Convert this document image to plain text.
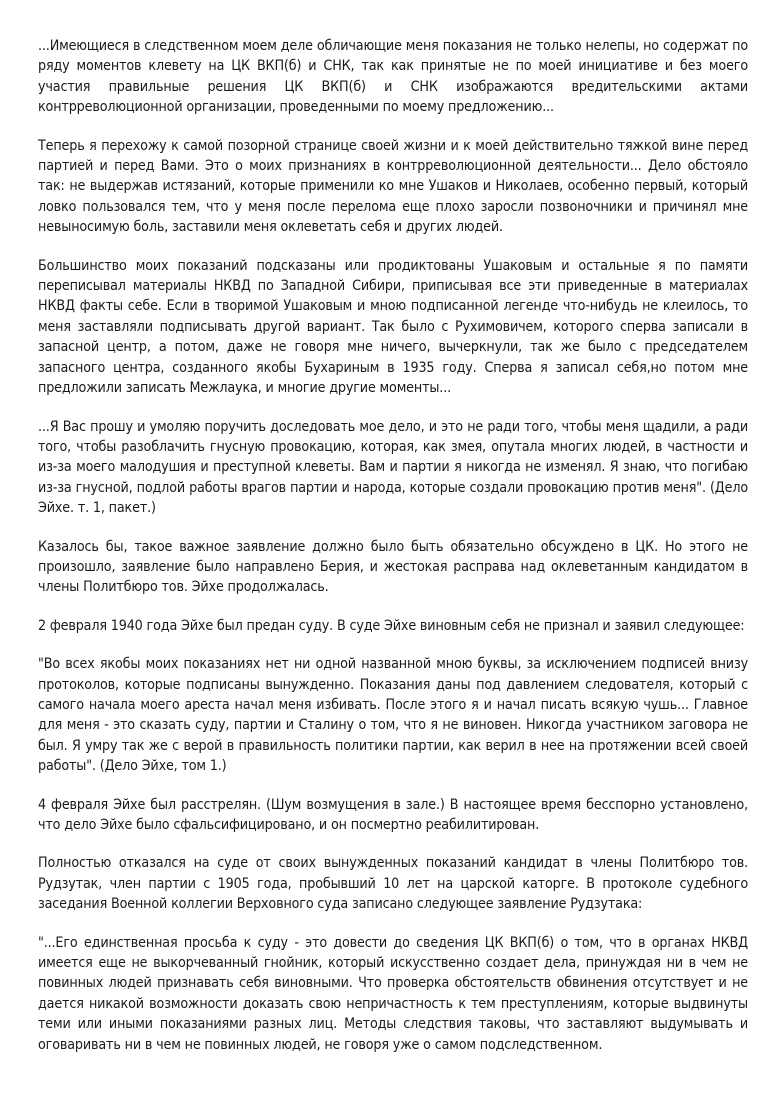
...Имеющиеся в следственном моем деле обличающие меня показания не только нелепы, но содержат по ряду моментов клевету на ЦК ВКП(б) и СНК, так как принятые не по моей инициативе и без моего участия правильные решения ЦК ВКП(б) и СНК изображаются вредительскими актами контрреволюционной организации, проведенными по моему предложению...

Теперь я перехожу к самой позорной странице своей жизни и к моей действительно тяжкой вине перед партией и перед Вами. Это о моих признаниях в контрреволюционной деятельности... Дело обстояло так: не выдержав истязаний, которые применили ко мне Ушаков и Николаев, особенно первый, который ловко пользовался тем, что у меня после перелома еще плохо заросли позвоночники и причинял мне невыносимую боль, заставили меня оклеветать себя и других людей.

Большинство моих показаний подсказаны или продиктованы Ушаковым и остальные я по памяти переписывал материалы НКВД по Западной Сибири, приписывая все эти приведенные в материалах НКВД факты себе. Если в творимой Ушаковым и мною подписанной легенде что-нибудь не клеилось, то меня заставляли подписывать другой вариант. Так было с Рухимовичем, которого сперва записали в запасной центр, а потом, даже не говоря мне ничего, вычеркнули, так же было с председателем запасного центра, созданного якобы Бухариным в 1935 году. Сперва я записал себя,но потом мне предложили записать Межлаука, и многие другие моменты...

...Я Вас прошу и умоляю поручить доследовать мое дело, и это не ради того, чтобы меня щадили, а ради того, чтобы разоблачить гнусную провокацию, которая, как змея, опутала многих людей, в частности и из-за моего малодушия и преступной клеветы. Вам и партии я никогда не изменял. Я знаю, что погибаю из-за гнусной, подлой работы врагов партии и народа, которые создали провокацию против меня". (Дело Эйхе. т. 1, пакет.)

Казалось бы, такое важное заявление должно было быть обязательно обсуждено в ЦК. Но этого не произошло, заявление было направлено Берия, и жестокая расправа над оклеветанным кандидатом в члены Политбюро тов. Эйхе продолжалась.

2 февраля 1940 года Эйхе был предан суду. В суде Эйхе виновным себя не признал и заявил следующее:

"Во всех якобы моих показаниях нет ни одной названной мною буквы, за исключением подписей внизу протоколов, которые подписаны вынужденно. Показания даны под давлением следователя, который с самого начала моего ареста начал меня избивать. После этого я и начал писать всякую чушь... Главное для меня - это сказать суду, партии и Сталину о том, что я не виновен. Никогда участником заговора не был. Я умру так же с верой в правильность политики партии, как верил в нее на протяжении всей своей работы". (Дело Эйхе, том 1.)

4 февраля Эйхе был расстрелян. (Шум возмущения в зале.) В настоящее время бесспорно установлено, что дело Эйхе было сфальсифицировано, и он посмертно реабилитирован.

Полностью отказался на суде от своих вынужденных показаний кандидат в члены Политбюро тов. Рудзутак, член партии с 1905 года, пробывший 10 лет на царской каторге. В протоколе судебного заседания Военной коллегии Верховного суда записано следующее заявление Рудзутака:

"...Его единственная просьба к суду - это довести до сведения ЦК ВКП(б) о том, что в органах НКВД имеется еще не выкорчеванный гнойник, который искусственно создает дела, принуждая ни в чем не повинных людей признавать себя виновными. Что проверка обстоятельств обвинения отсутствует и не дается никакой возможности доказать свою непричастность к тем преступлениям, которые выдвинуты теми или иными показаниями разных лиц. Методы следствия таковы, что заставляют выдумывать и оговаривать ни в чем не повинных людей, не говоря уже о самом подследственном.
